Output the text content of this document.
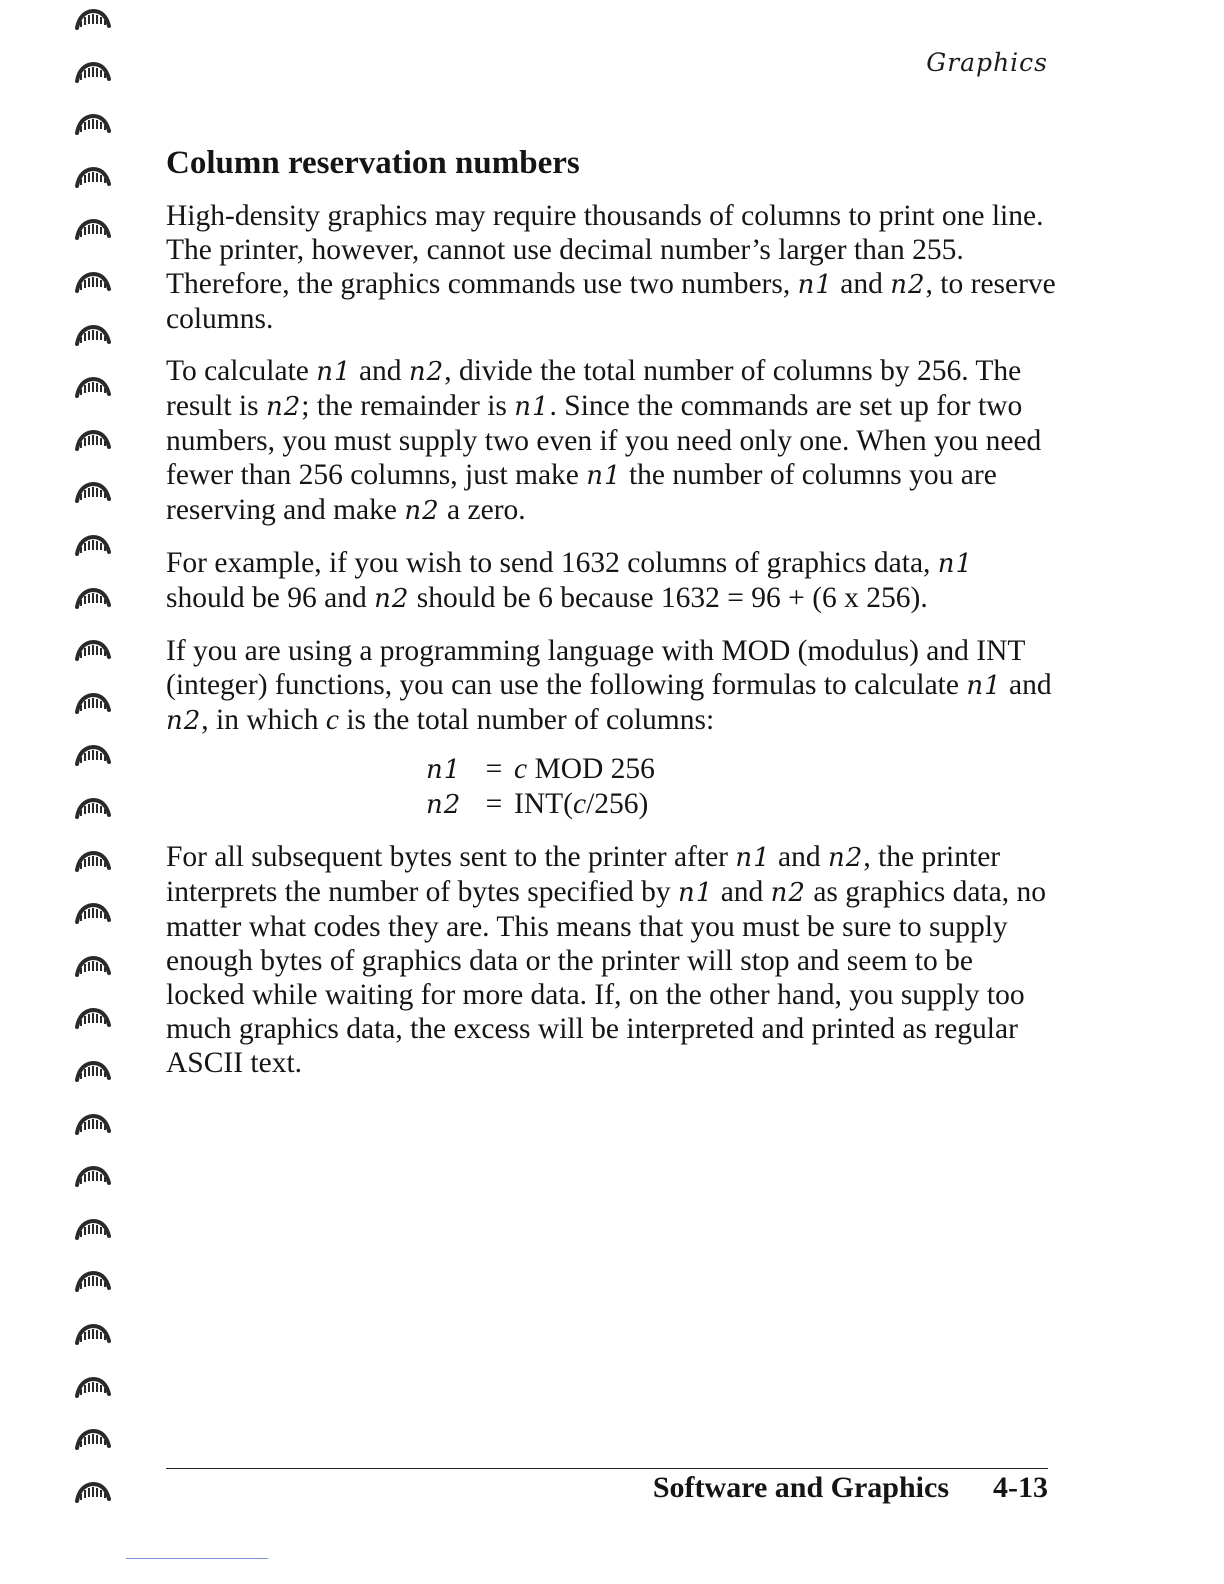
Graphics
Column reservation numbers

High-density graphics may require thousands of columns to print one line. The printer, however, cannot use decimal number’s larger than 255. Therefore, the graphics commands use two numbers, n1 and n2, to reserve columns.

To calculate n1 and n2, divide the total number of columns by 256. The result is n2; the remainder is n1. Since the commands are set up for two numbers, you must supply two even if you need only one. When you need fewer than 256 columns, just make n1 the number of columns you are reserving and make n2 a zero.

For example, if you wish to send 1632 columns of graphics data, n1 should be 96 and n2 should be 6 because 1632 = 96 + (6 x 256).

If you are using a programming language with MOD (modulus) and INT (integer) functions, you can use the following formulas to calculate n1 and n2, in which c is the total number of columns:

n1 = c MOD 256
n2 = INT(c/256)

For all subsequent bytes sent to the printer after n1 and n2, the printer interprets the number of bytes specified by n1 and n2 as graphics data, no matter what codes they are. This means that you must be sure to supply enough bytes of graphics data or the printer will stop and seem to be locked while waiting for more data. If, on the other hand, you supply too much graphics data, the excess will be interpreted and printed as regular ASCII text.

Software and Graphics 4-13
